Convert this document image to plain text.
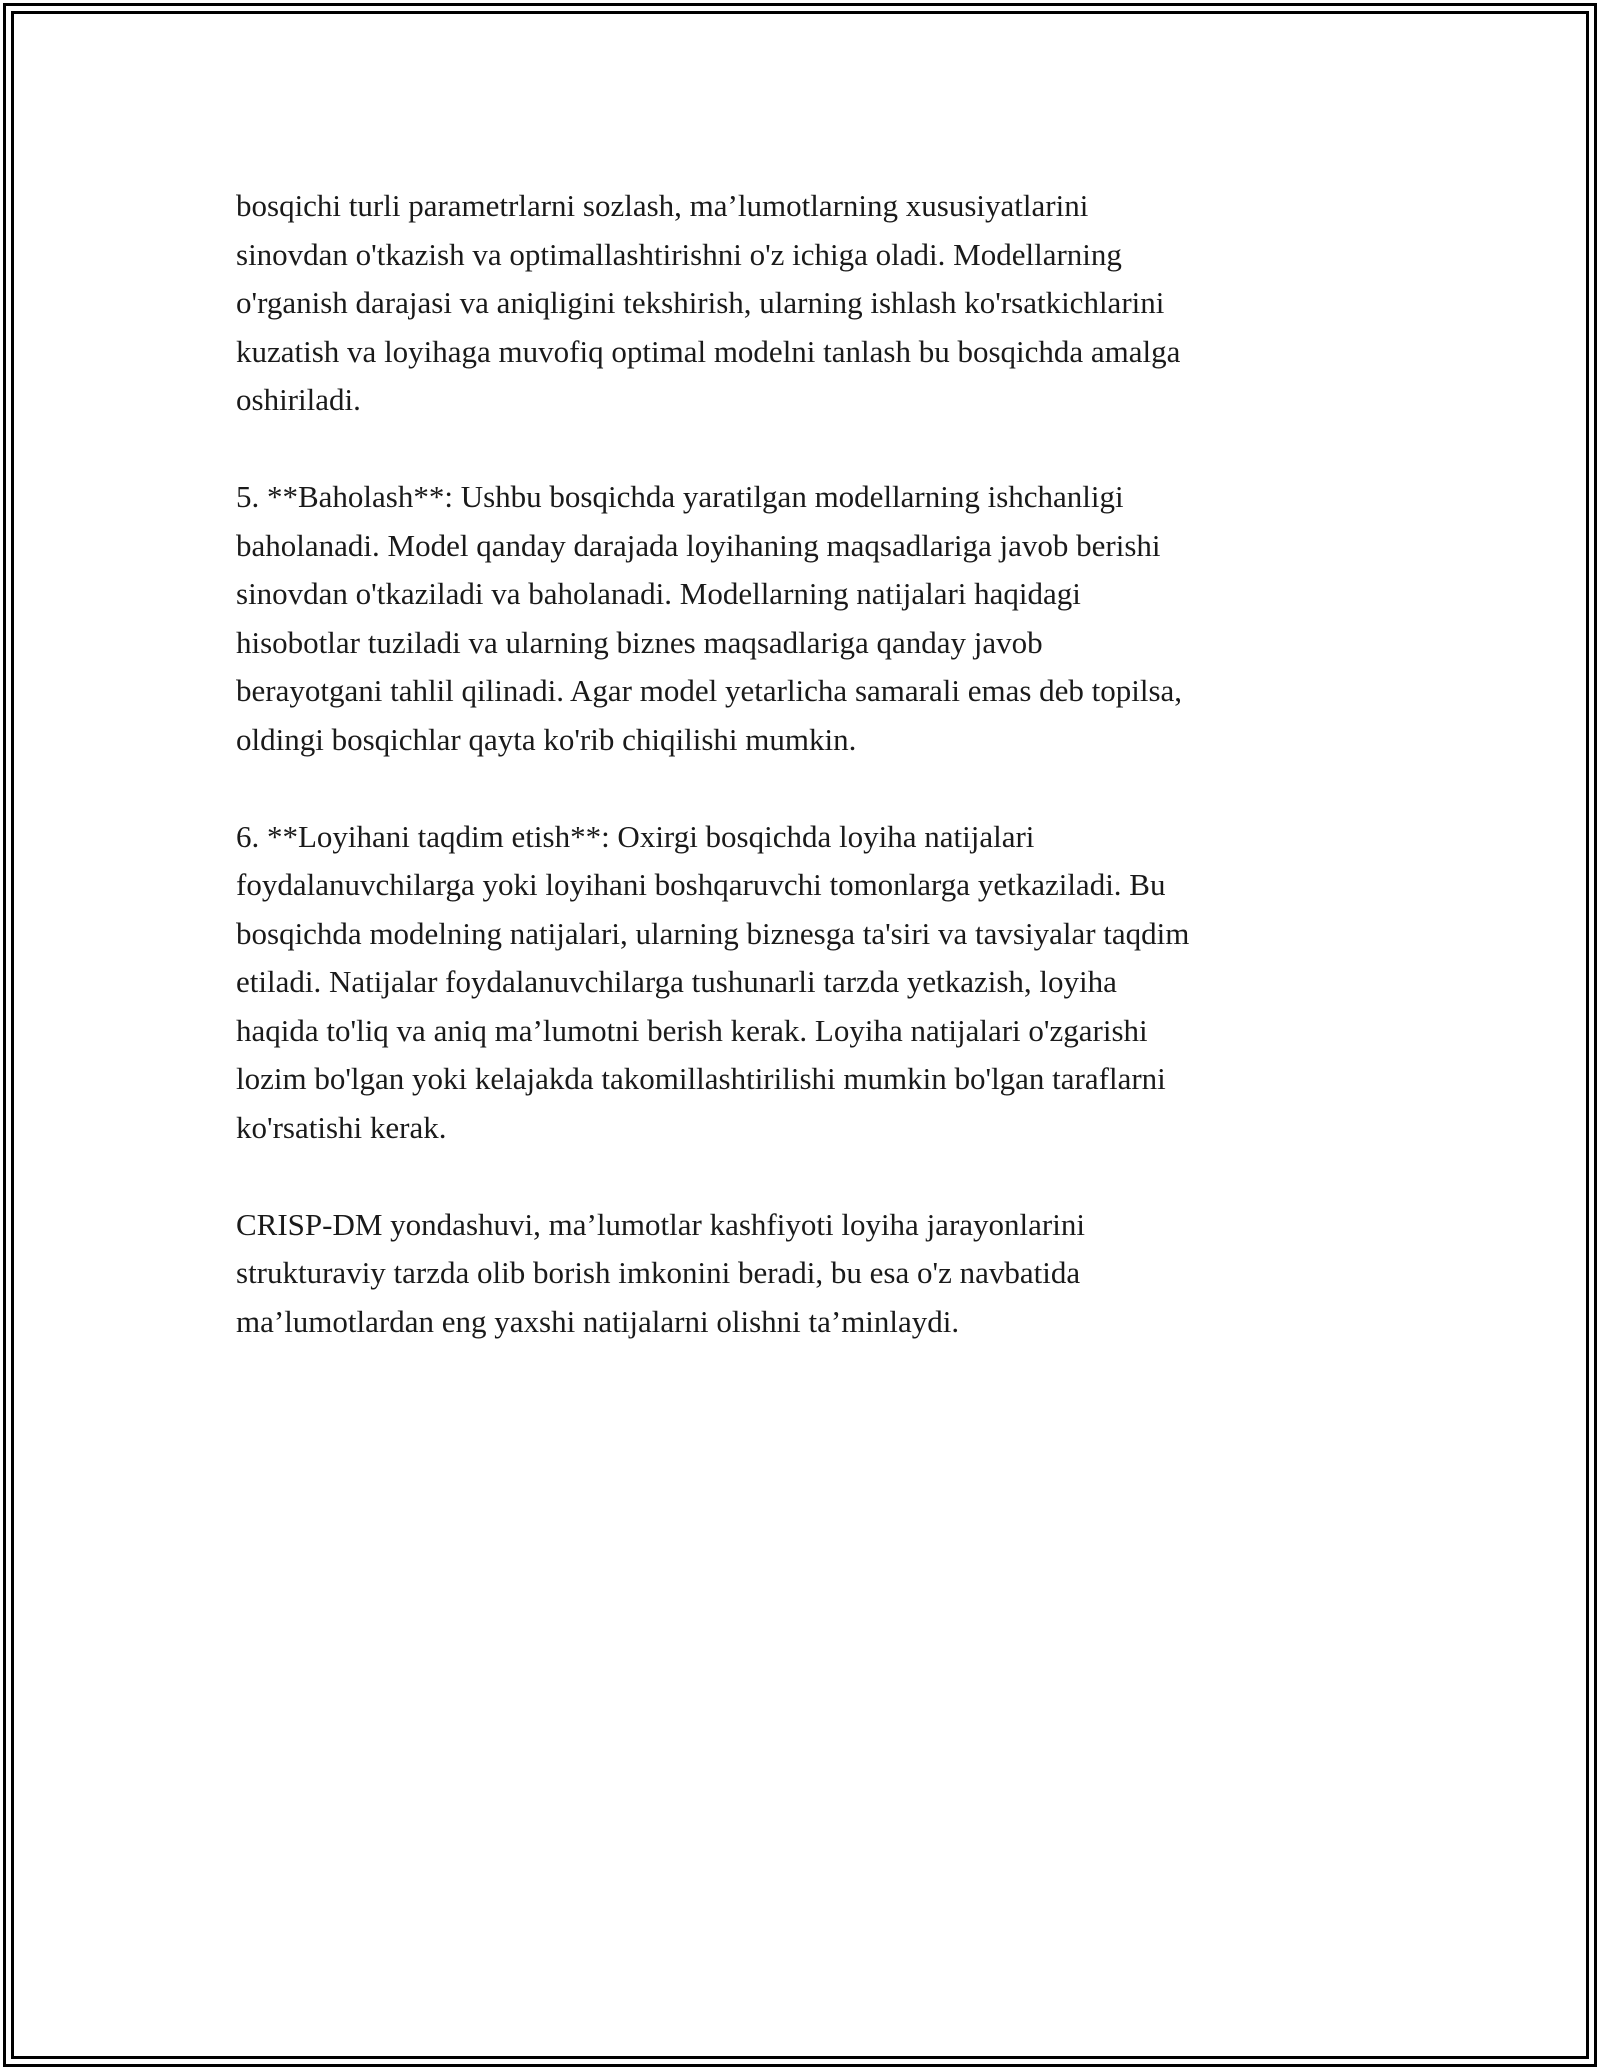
bosqichi turli parametrlarni sozlash, ma’lumotlarning xususiyatlarini
sinovdan o'tkazish va optimallashtirishni o'z ichiga oladi. Modellarning
o'rganish darajasi va aniqligini tekshirish, ularning ishlash ko'rsatkichlarini
kuzatish va loyihaga muvofiq optimal modelni tanlash bu bosqichda amalga
oshiriladi.

5. **Baholash**: Ushbu bosqichda yaratilgan modellarning ishchanligi
baholanadi. Model qanday darajada loyihaning maqsadlariga javob berishi
sinovdan o'tkaziladi va baholanadi. Modellarning natijalari haqidagi
hisobotlar tuziladi va ularning biznes maqsadlariga qanday javob
berayotgani tahlil qilinadi. Agar model yetarlicha samarali emas deb topilsa,
oldingi bosqichlar qayta ko'rib chiqilishi mumkin.

6. **Loyihani taqdim etish**: Oxirgi bosqichda loyiha natijalari
foydalanuvchilarga yoki loyihani boshqaruvchi tomonlarga yetkaziladi. Bu
bosqichda modelning natijalari, ularning biznesga ta'siri va tavsiyalar taqdim
etiladi. Natijalar foydalanuvchilarga tushunarli tarzda yetkazish, loyiha
haqida to'liq va aniq ma’lumotni berish kerak. Loyiha natijalari o'zgarishi
lozim bo'lgan yoki kelajakda takomillashtirilishi mumkin bo'lgan taraflarni
ko'rsatishi kerak.

CRISP-DM yondashuvi, ma’lumotlar kashfiyoti loyiha jarayonlarini
strukturaviy tarzda olib borish imkonini beradi, bu esa o'z navbatida
ma’lumotlardan eng yaxshi natijalarni olishni ta’minlaydi.
